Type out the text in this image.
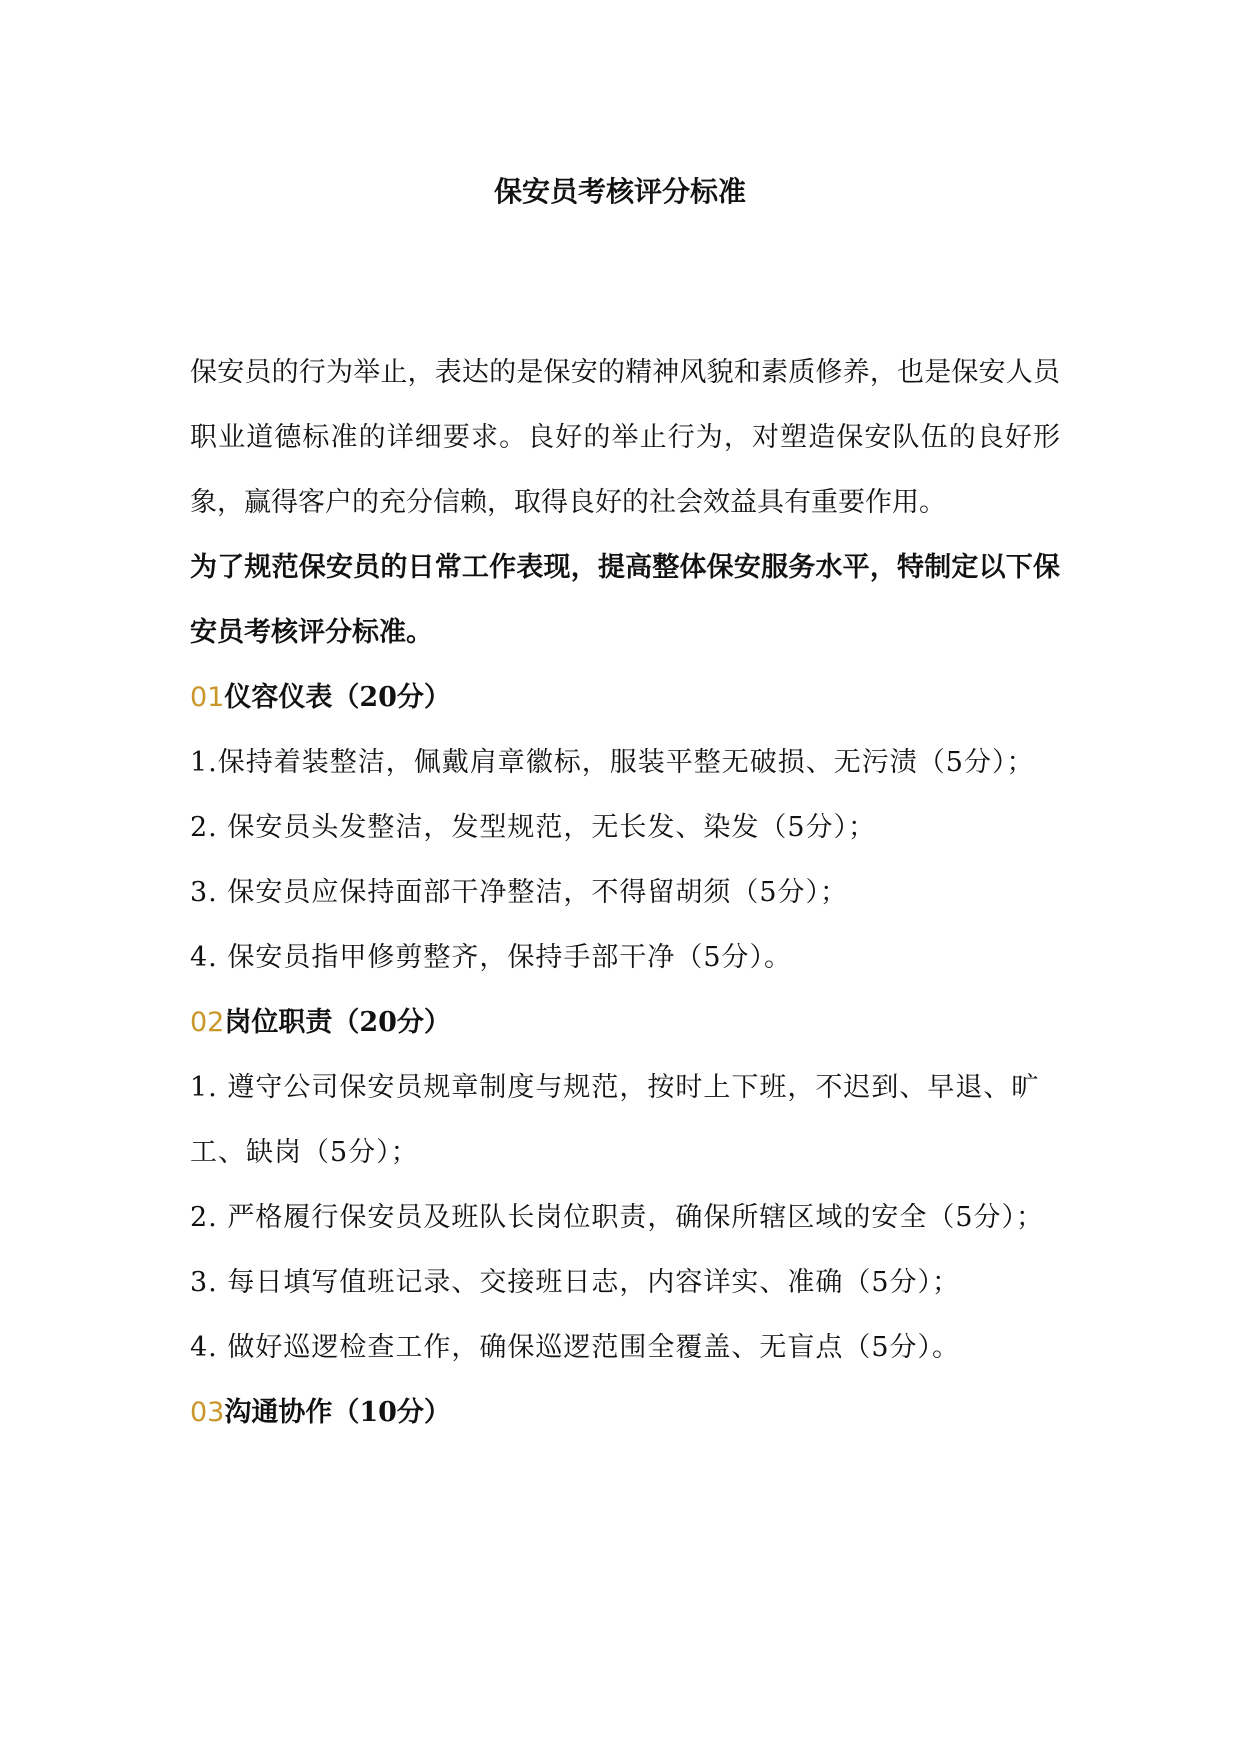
保安员考核评分标准

保安员的行为举止，表达的是保安的精神风貌和素质修养，也是保安人员职业道德标准的详细要求。良好的举止行为，对塑造保安队伍的良好形象，赢得客户的充分信赖，取得良好的社会效益具有重要作用。

为了规范保安员的日常工作表现，提高整体保安服务水平，特制定以下保安员考核评分标准。

01仪容仪表（20分）

1.保持着装整洁，佩戴肩章徽标，服装平整无破损、无污渍（5分）；2. 保安员头发整洁，发型规范，无长发、染发（5分）；

3. 保安员应保持面部干净整洁，不得留胡须（5分）；

4. 保安员指甲修剪整齐，保持手部干净（5分）。

02岗位职责（20分）

1. 遵守公司保安员规章制度与规范，按时上下班，不迟到、早退、旷工、缺岗（5分）；

2. 严格履行保安员及班队长岗位职责，确保所辖区域的安全（5分）；

3. 每日填写值班记录、交接班日志，内容详实、准确（5分）；

4. 做好巡逻检查工作，确保巡逻范围全覆盖、无盲点（5分）。

03沟通协作（10分）
